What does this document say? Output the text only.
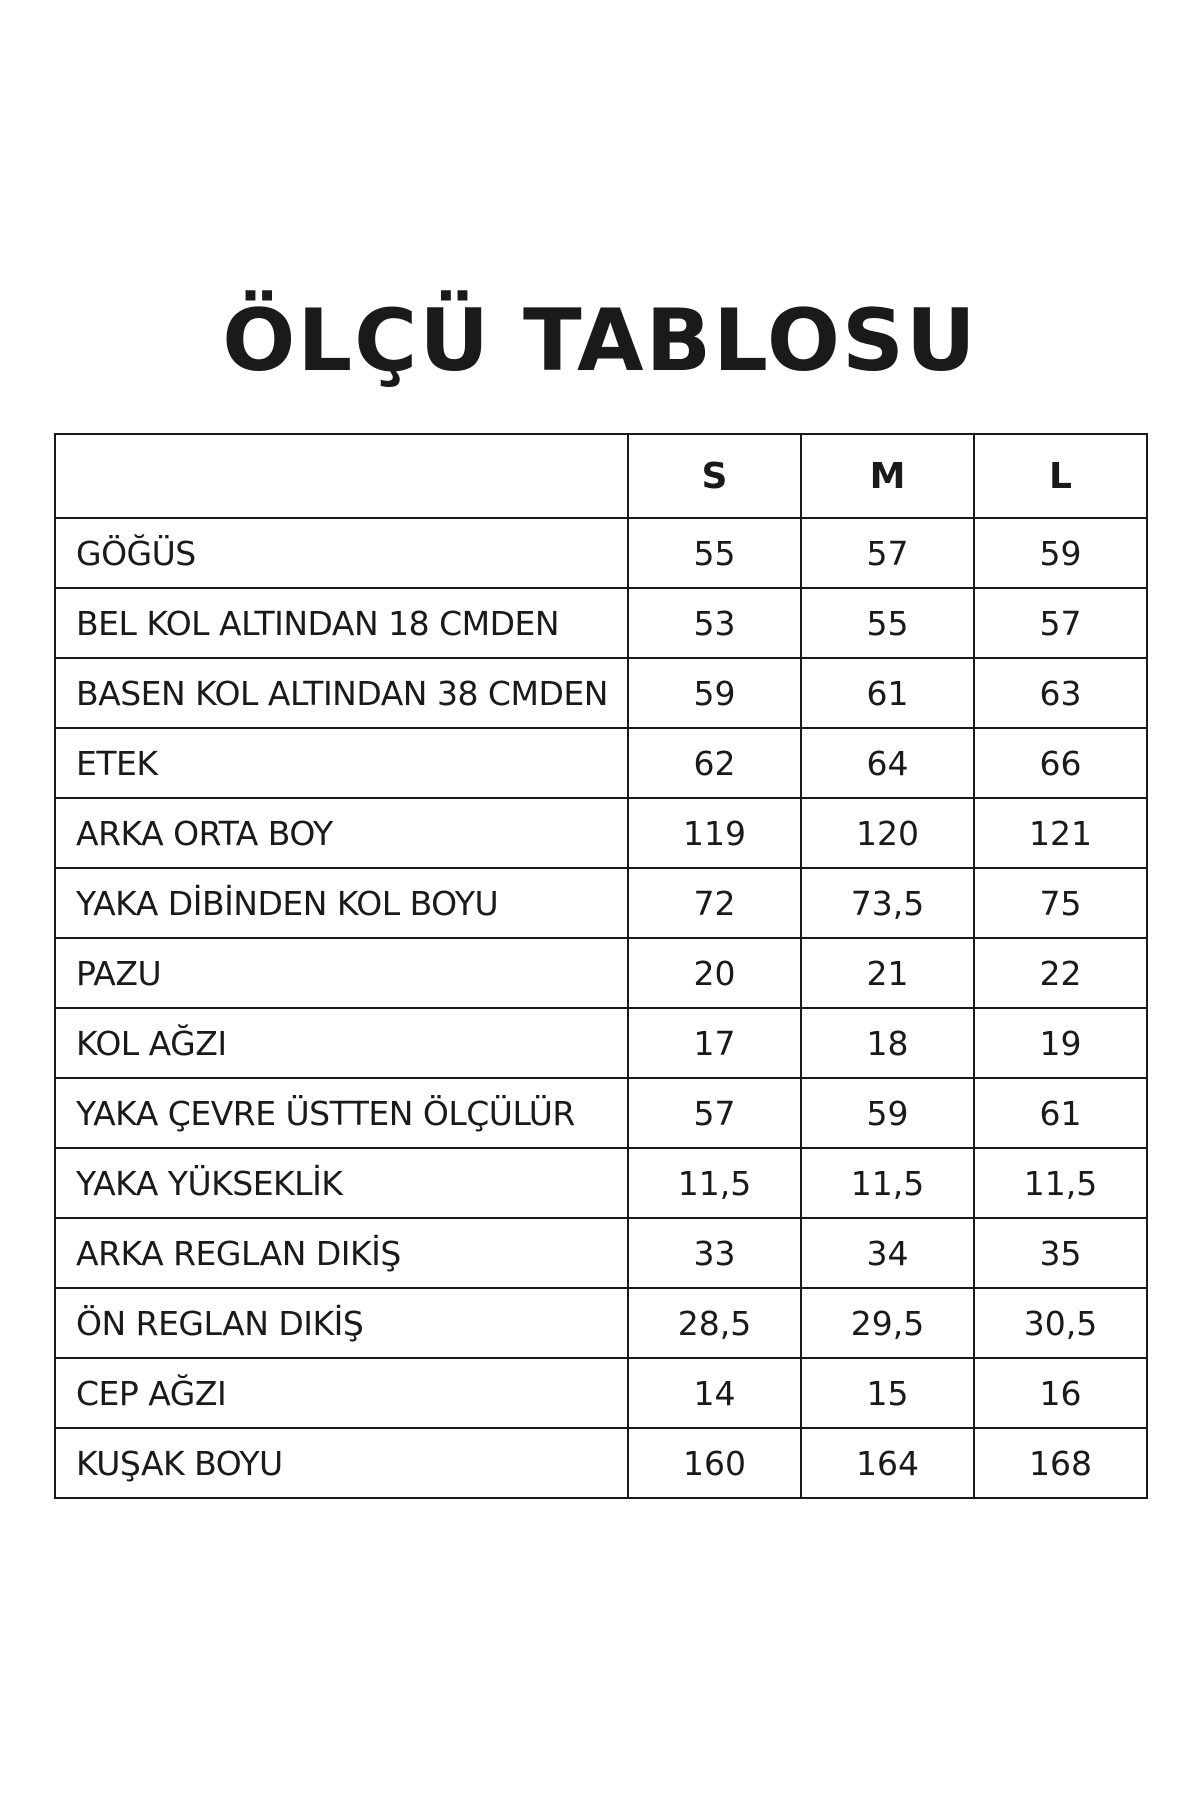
ÖLÇÜ TABLOSU
	S	M	L
GÖĞÜS	55	57	59
BEL KOL ALTINDAN 18 CMDEN	53	55	57
BASEN KOL ALTINDAN 38 CMDEN	59	61	63
ETEK	62	64	66
ARKA ORTA BOY	119	120	121
YAKA DİBİNDEN KOL BOYU	72	73,5	75
PAZU	20	21	22
KOL AĞZI	17	18	19
YAKA ÇEVRE ÜSTTEN ÖLÇÜLÜR	57	59	61
YAKA YÜKSEKLİK	11,5	11,5	11,5
ARKA REGLAN DIKİŞ	33	34	35
ÖN REGLAN DIKİŞ	28,5	29,5	30,5
CEP AĞZI	14	15	16
KUŞAK BOYU	160	164	168
